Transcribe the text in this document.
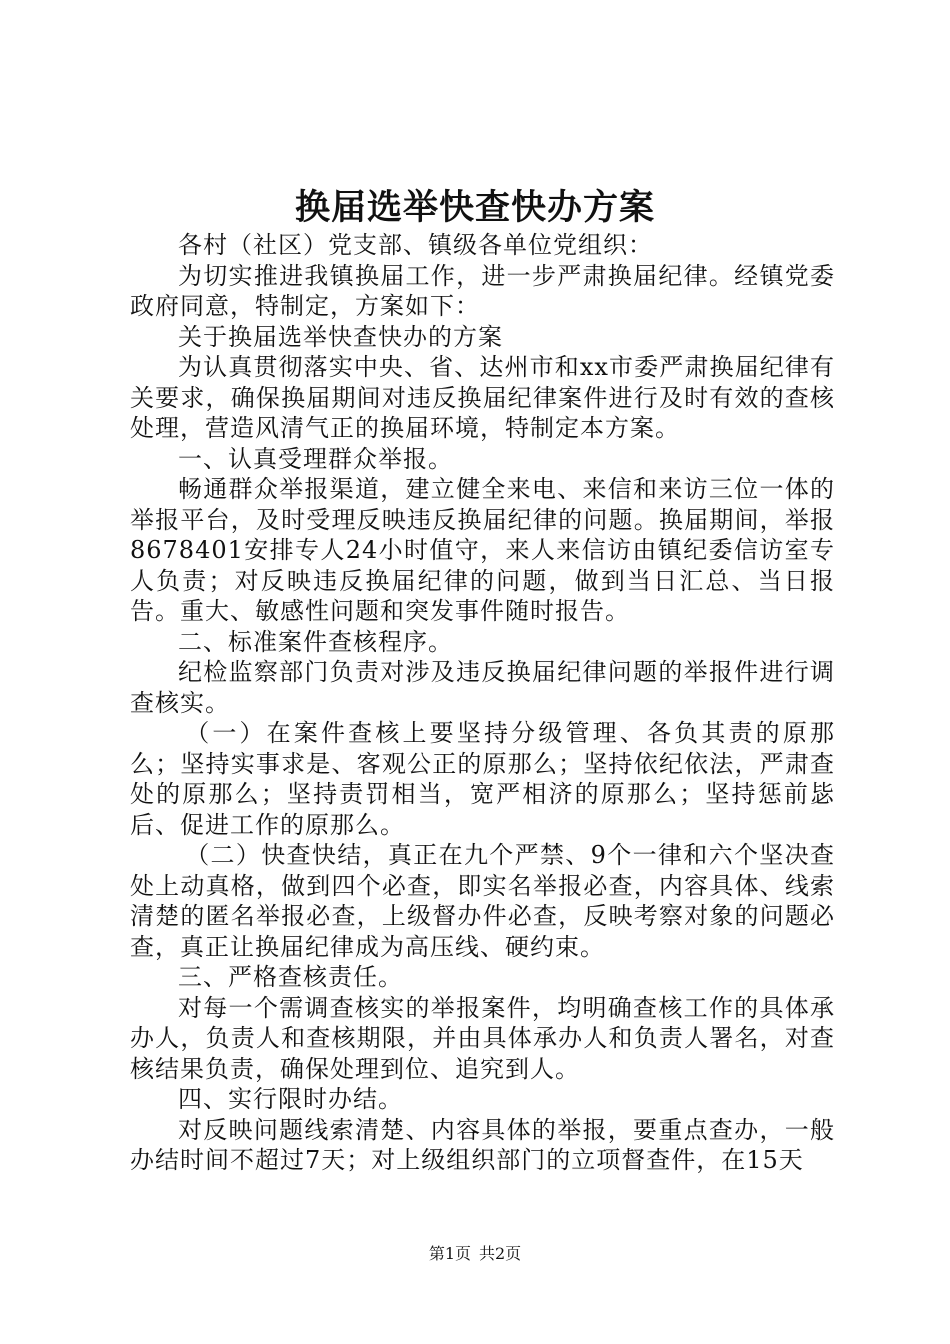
换届选举快查快办方案

各村（社区）党支部、镇级各单位党组织：

为切实推进我镇换届工作，进一步严肃换届纪律。经镇党委政府同意，特制定，方案如下：

关于换届选举快查快办的方案

为认真贯彻落实中央、省、达州市和xx市委严肃换届纪律有关要求，确保换届期间对违反换届纪律案件进行及时有效的查核处理，营造风清气正的换届环境，特制定本方案。

一、认真受理群众举报。

畅通群众举报渠道，建立健全来电、来信和来访三位一体的举报平台，及时受理反映违反换届纪律的问题。换届期间，举报　8678401安排专人24小时值守，来人来信访由镇纪委信访室专人负责；对反映违反换届纪律的问题，做到当日汇总、当日报告。重大、敏感性问题和突发事件随时报告。

二、标准案件查核程序。

纪检监察部门负责对涉及违反换届纪律问题的举报件进行调查核实。

（一）在案件查核上要坚持分级管理、各负其责的原那么；坚持实事求是、客观公正的原那么；坚持依纪依法，严肃查处的原那么；坚持责罚相当，宽严相济的原那么；坚持惩前毖后、促进工作的原那么。

（二）快查快结，真正在九个严禁、9个一律和六个坚决查处上动真格，做到四个必查，即实名举报必查，内容具体、线索清楚的匿名举报必查，上级督办件必查，反映考察对象的问题必查，真正让换届纪律成为高压线、硬约束。

三、严格查核责任。

对每一个需调查核实的举报案件，均明确查核工作的具体承办人，负责人和查核期限，并由具体承办人和负责人署名，对查核结果负责，确保处理到位、追究到人。

四、实行限时办结。

对反映问题线索清楚、内容具体的举报，要重点查办，一般办结时间不超过7天；对上级组织部门的立项督查件，在15天

第1页 共2页
